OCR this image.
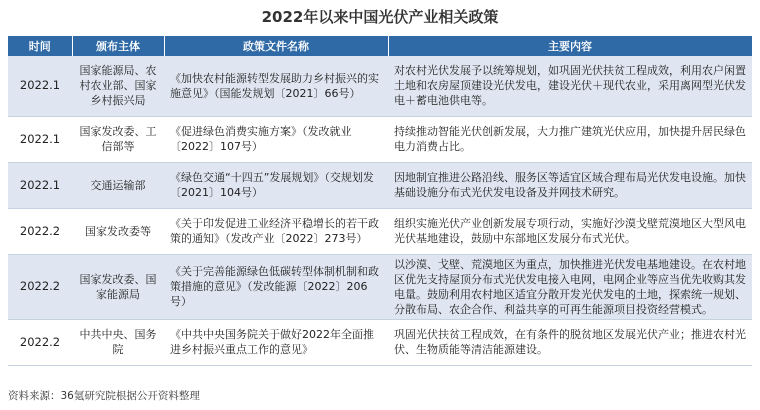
2022年以来中国光伏产业相关政策
时间	颁布主体	政策文件名称	主要内容
2022.1	国家能源局、农村农业部、国家乡村振兴局	《加快农村能源转型发展助力乡村振兴的实施意见》（国能发规划〔2021〕66号）	对农村光伏发展予以统筹规划，如巩固光伏扶贫工程成效，利用农户闲置土地和农房屋顶建设光伏发电，建设光伏＋现代农业，采用离网型光伏发电＋蓄电池供电等。
2022.1	国家发改委、工信部等	《促进绿色消费实施方案》（发改就业〔2022〕107号）	持续推动智能光伏创新发展，大力推广建筑光伏应用，加快提升居民绿色电力消费占比。
2022.1	交通运输部	《绿色交通“十四五”发展规划》（交规划发〔2021〕104号）	因地制宜推进公路沿线、服务区等适宜区域合理布局光伏发电设施。加快基础设施分布式光伏发电设备及并网技术研究。
2022.2	国家发改委等	《关于印发促进工业经济平稳增长的若干政策的通知》（发改产业〔2022〕273号）	组织实施光伏产业创新发展专项行动，实施好沙漠戈壁荒漠地区大型风电光伏基地建设，鼓励中东部地区发展分布式光伏。
2022.2	国家发改委、国家能源局	《关于完善能源绿色低碳转型体制机制和政策措施的意见》（发改能源〔2022〕206号）	以沙漠、戈壁、荒漠地区为重点，加快推进光伏发电基地建设。在农村地区优先支持屋顶分布式光伏发电接入电网，电网企业等应当优先收购其发电量。鼓励利用农村地区适宜分散开发光伏发电的土地，探索统一规划、分散布局、农企合作、利益共享的可再生能源项目投资经营模式。
2022.2	中共中央、国务院	《中共中央国务院关于做好2022年全面推进乡村振兴重点工作的意见》	巩固光伏扶贫工程成效，在有条件的脱贫地区发展光伏产业；推进农村光伏、生物质能等清洁能源建设。
资料来源：36氪研究院根据公开资料整理
